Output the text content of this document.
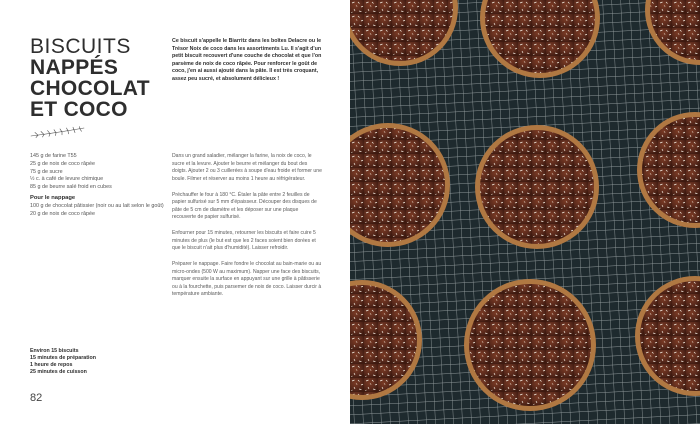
BISCUITS
NAPPÉS
CHOCOLAT
ET COCO

Ce biscuit s'appelle le Biarritz dans les boîtes Delacre ou le Trésor Noix de coco dans les assortiments Lu. Il s'agit d'un petit biscuit recouvert d'une couche de chocolat et que l'on parsème de noix de coco râpée. Pour renforcer le goût de coco, j'en ai aussi ajouté dans la pâte. Il est très croquant, assez peu sucré, et absolument délicieux !

145 g de farine T55
25 g de noix de coco râpée
75 g de sucre
½ c. à café de levure chimique
85 g de beurre salé froid en cubes
Pour le nappage
100 g de chocolat pâtissier (noir ou au lait selon le goût)
20 g de noix de coco râpée

Dans un grand saladier, mélanger la farine, la noix de coco, le sucre et la levure. Ajouter le beurre et mélanger du bout des doigts. Ajouter 2 ou 3 cuillerées à soupe d'eau froide et former une boule. Filmer et réserver au moins 1 heure au réfrigérateur.

Préchauffer le four à 180 °C. Étaler la pâte entre 2 feuilles de papier sulfurisé sur 5 mm d'épaisseur. Découper des disques de pâte de 5 cm de diamètre et les déposer sur une plaque recouverte de papier sulfurisé.

Enfourner pour 15 minutes, retourner les biscuits et faire cuire 5 minutes de plus (le but est que les 2 faces soient bien dorées et que le biscuit n'ait plus d'humidité). Laisser refroidir.

Préparer le nappage. Faire fondre le chocolat au bain-marie ou au micro-ondes (500 W au maximum). Napper une face des biscuits, marquer ensuite la surface en appuyant sur une grille à pâtisserie ou à la fourchette, puis parsemer de noix de coco. Laisser durcir à température ambiante.

Environ 15 biscuits
15 minutes de préparation
1 heure de repos
25 minutes de cuisson
82
